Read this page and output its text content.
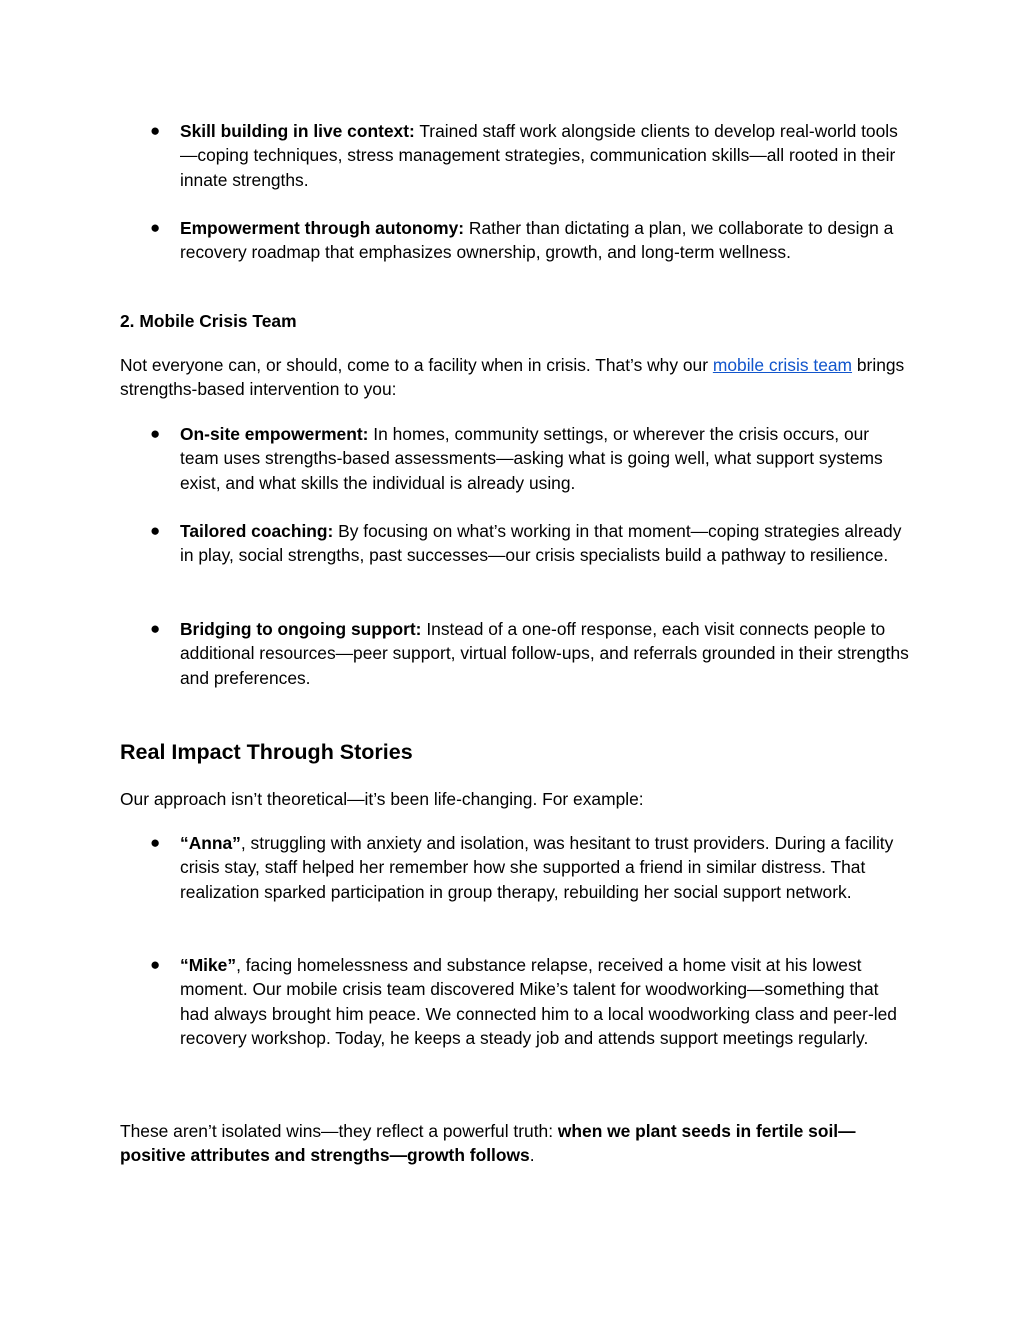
● Skill building in live context: Trained staff work alongside clients to develop real‑world tools—coping techniques, stress management strategies, communication skills—all rooted in their innate strengths.
● Empowerment through autonomy: Rather than dictating a plan, we collaborate to design a recovery roadmap that emphasizes ownership, growth, and long‑term wellness.
2. Mobile Crisis Team
Not everyone can, or should, come to a facility when in crisis. That’s why our mobile crisis team brings strengths‑based intervention to you:
● On‑site empowerment: In homes, community settings, or wherever the crisis occurs, our team uses strengths‑based assessments—asking what is going well, what support systems exist, and what skills the individual is already using.
● Tailored coaching: By focusing on what’s working in that moment—coping strategies already in play, social strengths, past successes—our crisis specialists build a pathway to resilience.
● Bridging to ongoing support: Instead of a one‑off response, each visit connects people to additional resources—peer support, virtual follow-ups, and referrals grounded in their strengths and preferences.
Real Impact Through Stories
Our approach isn’t theoretical—it’s been life‑changing. For example:
● “Anna”, struggling with anxiety and isolation, was hesitant to trust providers. During a facility crisis stay, staff helped her remember how she supported a friend in similar distress. That realization sparked participation in group therapy, rebuilding her social support network.
● “Mike”, facing homelessness and substance relapse, received a home visit at his lowest moment. Our mobile crisis team discovered Mike’s talent for woodworking—something that had always brought him peace. We connected him to a local woodworking class and peer‑led recovery workshop. Today, he keeps a steady job and attends support meetings regularly.
These aren’t isolated wins—they reflect a powerful truth: when we plant seeds in fertile soil—positive attributes and strengths—growth follows.
